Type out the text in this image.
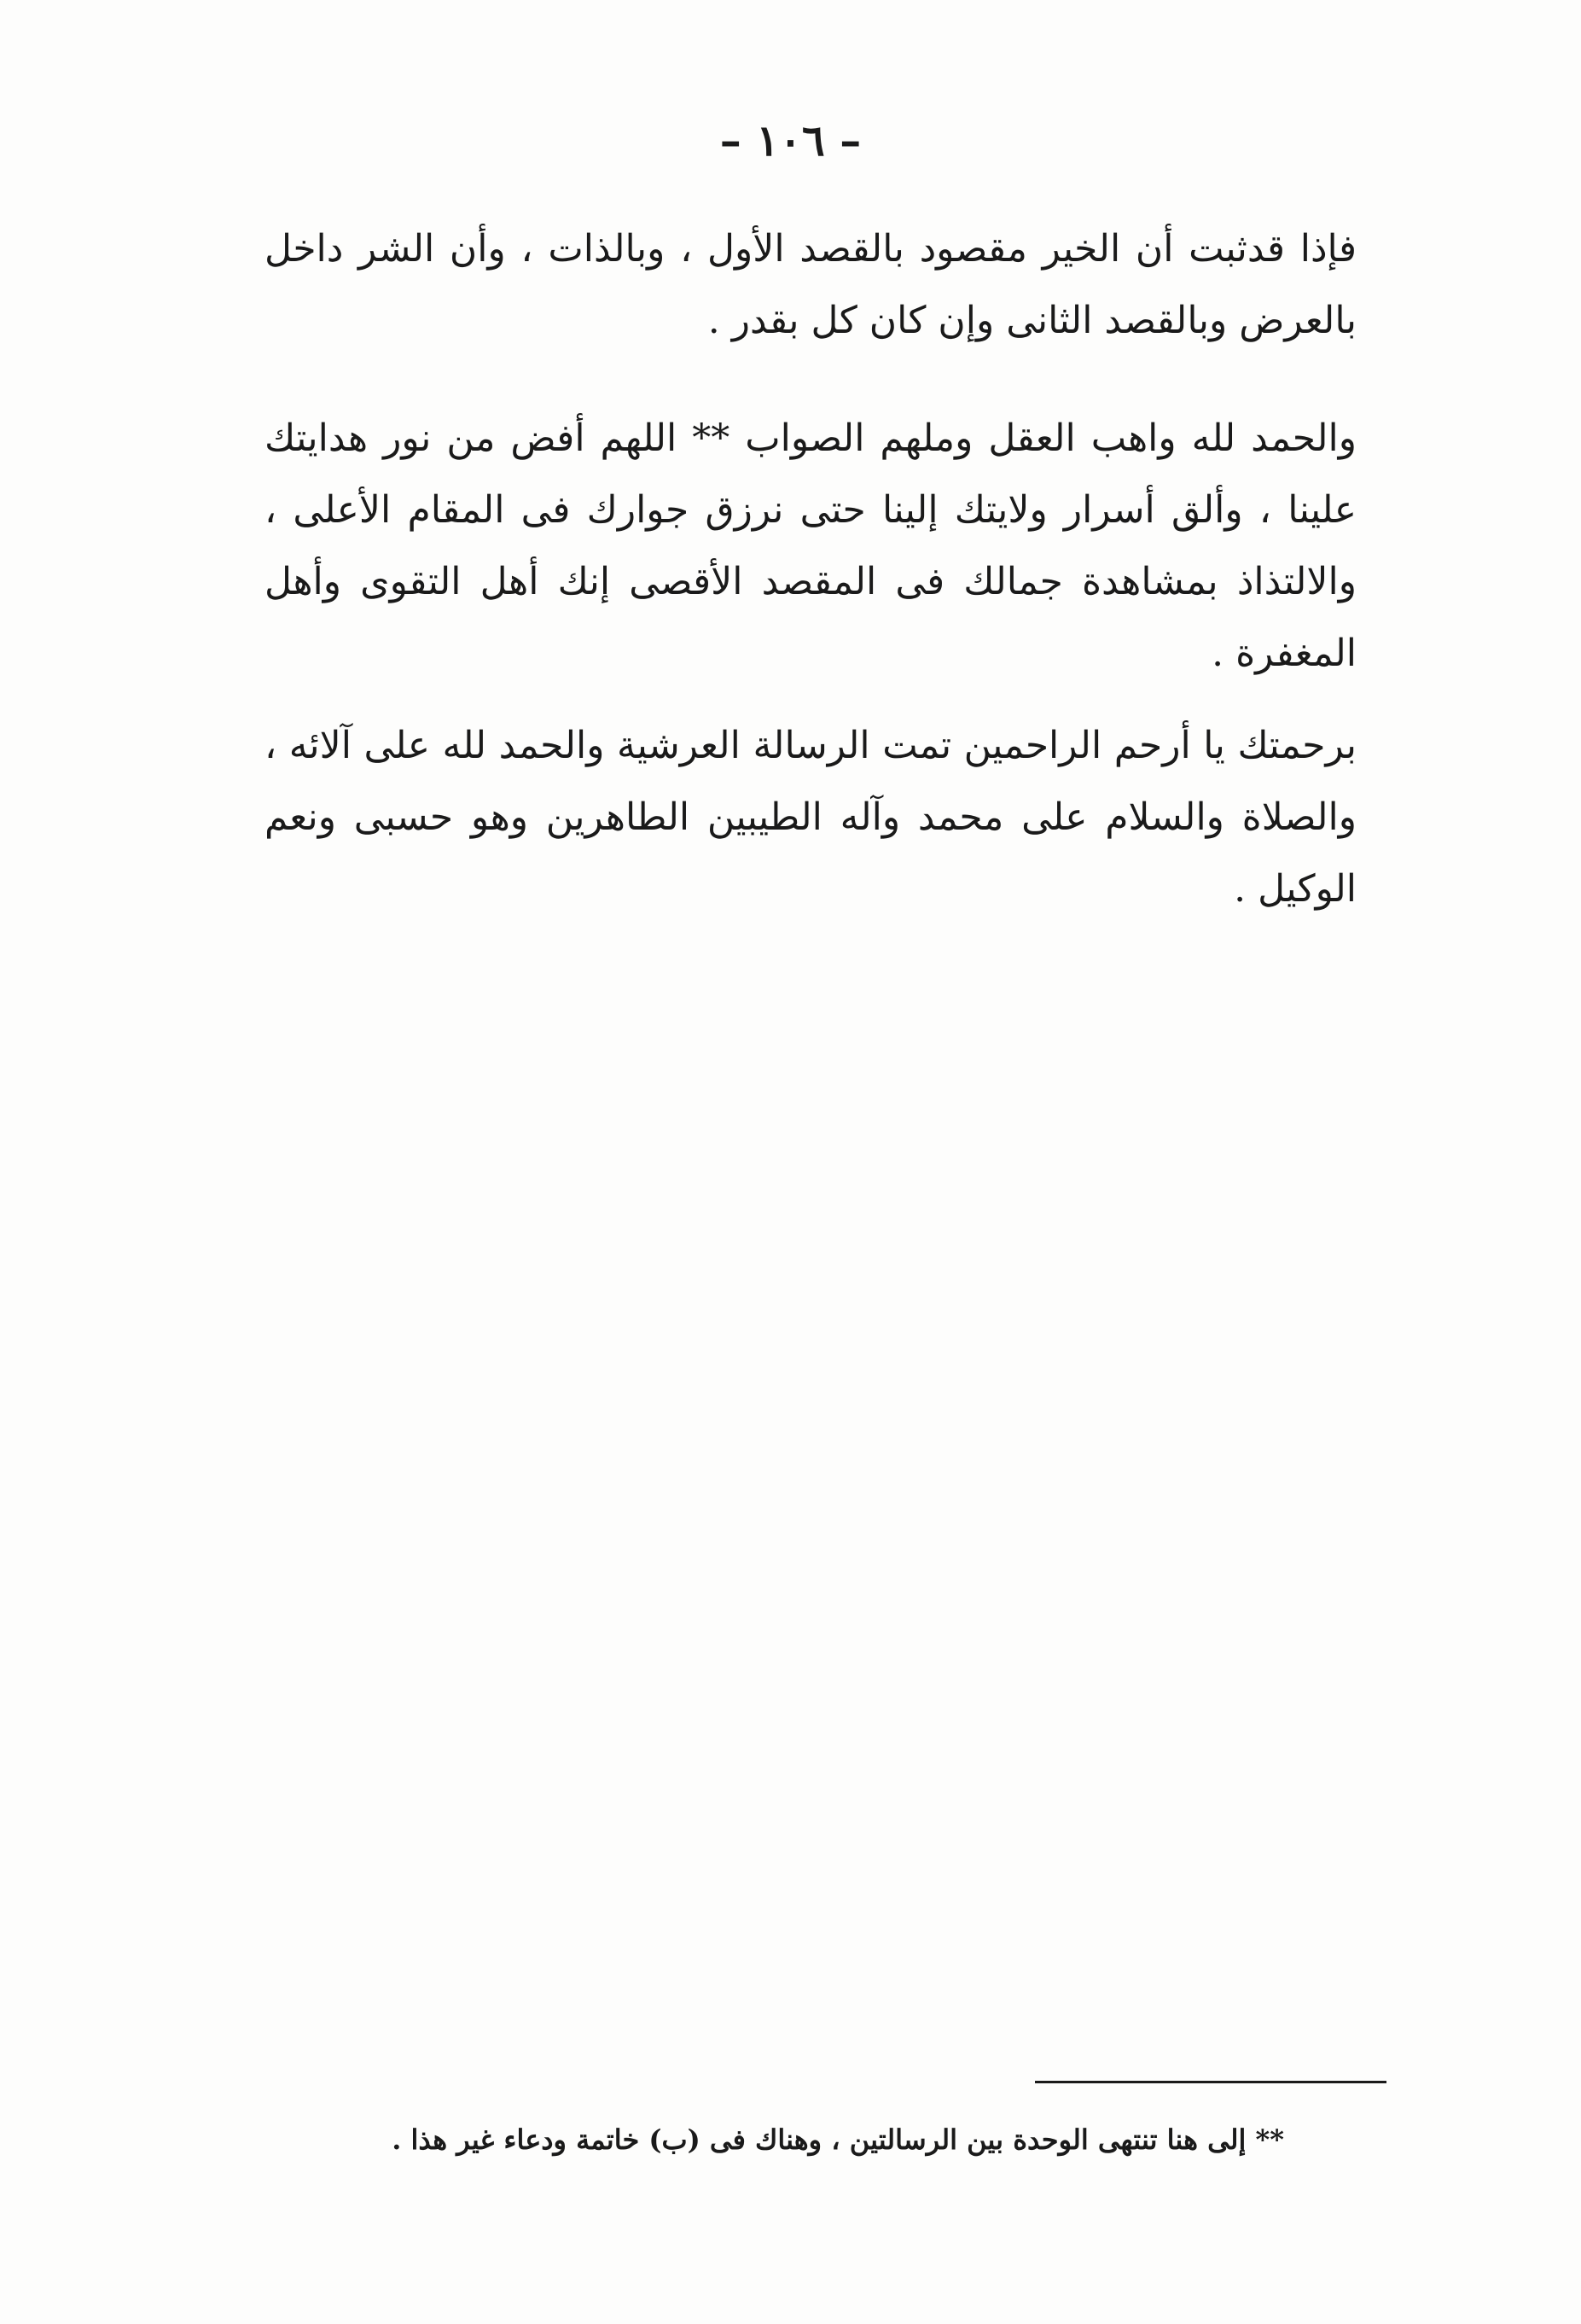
– ١٠٦ –

فإذا قدثبت أن الخير مقصود بالقصد الأول ، وبالذات ، وأن الشر داخل بالعرض وبالقصد الثانى وإن كان كل بقدر .

والحمد لله واهب العقل وملهم الصواب ** اللهم أفض من نور هدايتك علينا ، وألق أسرار ولايتك إلينا حتى نرزق جوارك فى المقام الأعلى ، والالتذاذ بمشاهدة جمالك فى المقصد الأقصى إنك أهل التقوى وأهل المغفرة .

برحمتك يا أرحم الراحمين تمت الرسالة العرشية والحمد لله على آلائه ، والصلاة والسلام على محمد وآله الطيبين الطاهرين وهو حسبى ونعم الوكيل .

** إلى هنا تنتهى الوحدة بين الرسالتين ، وهناك فى (ب) خاتمة ودعاء غير هذا .
